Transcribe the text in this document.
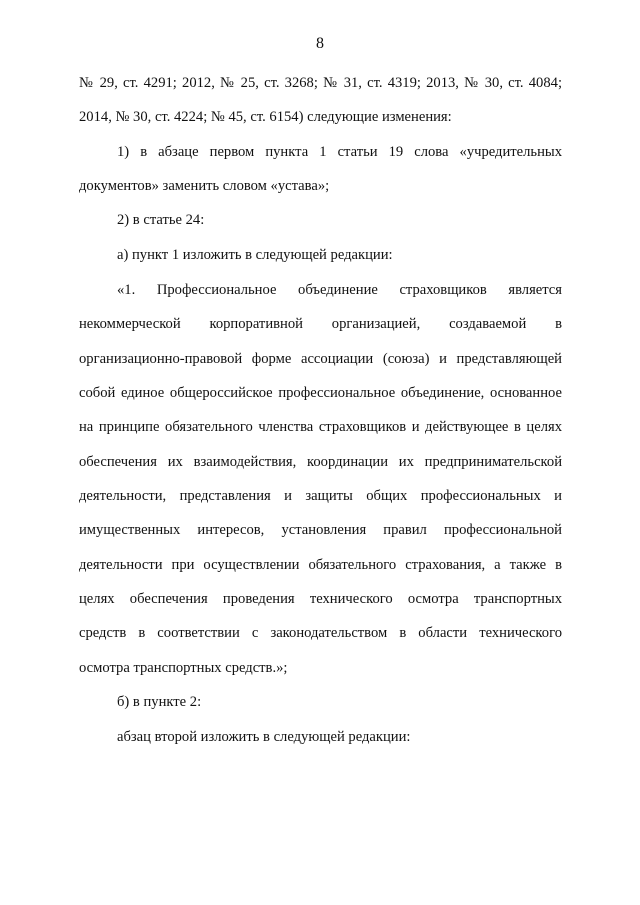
8
№ 29, ст. 4291; 2012, № 25, ст. 3268; № 31, ст. 4319; 2013, № 30, ст. 4084;
2014, № 30, ст. 4224; № 45, ст. 6154) следующие изменения:
1) в абзаце первом пункта 1 статьи 19 слова «учредительных
документов» заменить словом «устава»;
2) в статье 24:
а) пункт 1 изложить в следующей редакции:
«1. Профессиональное объединение страховщиков является
некоммерческой корпоративной организацией, создаваемой в
организационно-правовой форме ассоциации (союза) и представляющей
собой единое общероссийское профессиональное объединение, основанное
на принципе обязательного членства страховщиков и действующее в целях
обеспечения их взаимодействия, координации их предпринимательской
деятельности, представления и защиты общих профессиональных и
имущественных интересов, установления правил профессиональной
деятельности при осуществлении обязательного страхования, а также в
целях обеспечения проведения технического осмотра транспортных
средств в соответствии с законодательством в области технического
осмотра транспортных средств.»;
б) в пункте 2:
абзац второй изложить в следующей редакции:
